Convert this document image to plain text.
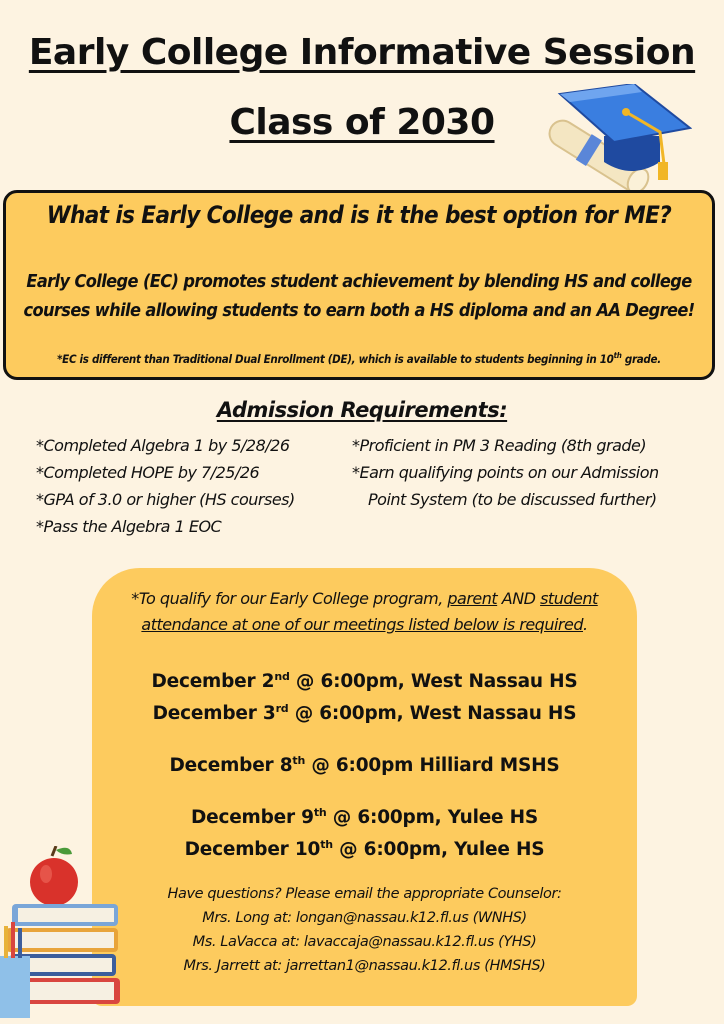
Early College Informative Session
Class of 2030
What is Early College and is it the best option for ME?
Early College (EC) promotes student achievement by blending HS and college
courses while allowing students to earn both a HS diploma and an AA Degree!
*EC is different than Traditional Dual Enrollment (DE), which is available to students beginning in 10th grade.
Admission Requirements:
*Completed Algebra 1 by 5/28/26
*Completed HOPE by 7/25/26
*GPA of 3.0 or higher (HS courses)
*Pass the Algebra 1 EOC
*Proficient in PM 3 Reading (8th grade)
*Earn qualifying points on our Admission
Point System (to be discussed further)
*To qualify for our Early College program, parent AND student
attendance at one of our meetings listed below is required.
December 2nd @ 6:00pm, West Nassau HS
December 3rd @ 6:00pm, West Nassau HS
December 8th @ 6:00pm Hilliard MSHS
December 9th @ 6:00pm, Yulee HS
December 10th @ 6:00pm, Yulee HS
Have questions? Please email the appropriate Counselor:
Mrs. Long at: longan@nassau.k12.fl.us (WNHS)
Ms. LaVacca at: lavaccaja@nassau.k12.fl.us (YHS)
Mrs. Jarrett at: jarrettan1@nassau.k12.fl.us (HMSHS)
